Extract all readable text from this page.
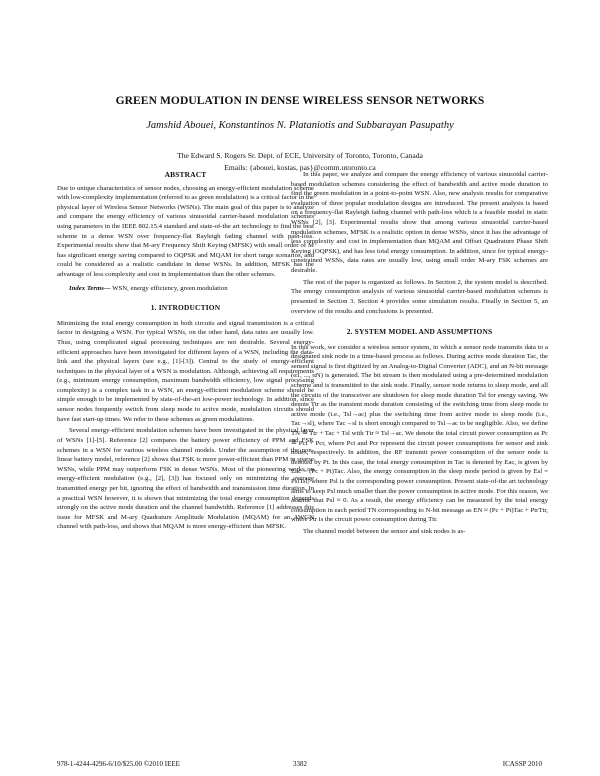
GREEN MODULATION IN DENSE WIRELESS SENSOR NETWORKS
Jamshid Abouei, Konstantinos N. Plataniotis and Subbarayan Pasupathy
The Edward S. Rogers Sr. Dept. of ECE, University of Toronto, Toronto, Canada
Emails: {abouei, kostas, pas}@comm.utoronto.ca
ABSTRACT

Due to unique characteristics of sensor nodes, choosing an energy-efficient modulation scheme with low-complexity implementation (referred to as green modulation) is a critical factor in the physical layer of Wireless Sensor Networks (WSNs). The main goal of this paper is to analyze and compare the energy efficiency of various sinusoidal carrier-based modulation schemes using parameters in the IEEE 802.15.4 standard and state-of-the art technology to find the best scheme in a dense WSN over frequency-flat Rayleigh fading channel with path-loss. Experimental results show that M-ary Frequency Shift Keying (MFSK) with small order of M has significant energy saving compared to OQPSK and MQAM for short range scenarios, and could be considered as a realistic candidate in dense WSNs. In addition, MFSK has the advantage of less complexity and cost in implementation than the other schemes.

Index Terms— WSN, energy efficiency, green modulation

1. INTRODUCTION

Minimizing the total energy consumption in both circuits and signal transmission is a critical factor in designing a WSN. For typical WSNs, on the other hand, data rates are usually low. Thus, using complicated signal processing techniques are not desirable. Several energy-efficient approaches have been investigated for different layers of a WSN, including the data-link and the physical layers (see e.g., [1]-[3]). Central to the study of energy-efficient techniques in the physical layer of a WSN is modulation. Although, achieving all requirements (e.g., minimum energy consumption, maximum bandwidth efficiency, low signal processing complexity) is a complex task in a WSN, an energy-efficient modulation scheme should be simple enough to be implemented by state-of-the-art low-power technology. In addition, since sensor nodes frequently switch from sleep mode to active mode, modulation circuits should have fast start-up times. We refer to these schemes as green modulations.

Several energy-efficient modulation schemes have been investigated in the physical layer of WSNs [1]-[5]. Reference [2] compares the battery power efficiency of PPM and FSK schemes in a WSN for various wireless channel models. Under the assumption of the non-linear battery model, reference [2] shows that FSK is more power-efficient than PPM in sparse WSNs, while PPM may outperform FSK in dense WSNs. Most of the pioneering works on energy-efficient modulation (e.g., [2], [3]) has focused only on minimizing the average transmitted energy per bit, ignoring the effect of bandwidth and transmission time duration. In a practical WSN however, it is shown that minimizing the total energy consumption depends strongly on the active mode duration and the channel bandwidth. Reference [1] addresses this issue for MFSK and M-ary Quadrature Amplitude Modulation (MQAM) for an AWGN channel with path-loss, and shows that MQAM is more energy-efficient than MFSK.

In this paper, we analyze and compare the energy efficiency of various sinusoidal carrier-based modulation schemes considering the effect of bandwidth and active mode duration to find the green modulation in a point-to-point WSN. Also, new analysis results for comparative evaluation of three popular modulation designs are introduced. The present analysis is based on a frequency-flat Rayleigh fading channel with path-loss which is a feasible model in static WSNs [2], [3]. Experimental results show that among various sinusoidal carrier-based modulation schemes, MFSK is a realistic option in dense WSNs, since it has the advantage of less complexity and cost in implementation than MQAM and Offset Quadrature Phase Shift Keying (OQPSK), and has less total energy consumption. In addition, since for typical energy-constrained WSNs, data rates are usually low, using small order M-ary FSK schemes are desirable.

The rest of the paper is organized as follows. In Section 2, the system model is described. The energy consumption analysis of various sinusoidal carrier-based modulation schemes is presented in Section 3. Section 4 provides some simulation results. Finally in Section 5, an overview of the results and conclusions is presented.

2. SYSTEM MODEL AND ASSUMPTIONS

In this work, we consider a wireless sensor system, in which a sensor node transmits data to a designated sink node in a time-based process as follows. During active mode duration Tac, the sensed signal is first digitized by an Analog-to-Digital Converter (ADC), and an N-bit message (α1, ..., αN) is generated. The bit stream is then modulated using a pre-determined modulation scheme and is transmitted to the sink node. Finally, sensor node returns to sleep mode, and all the circuits of the transceiver are shutdown for sleep mode duration Tsl for energy saving. We denote Ttr as the transient mode duration consisting of the switching time from sleep mode to active mode (i.e., Tsl→ac) plus the switching time from active mode to sleep mode (i.e., Tac→sl), where Tac→sl is short enough compared to Tsl→ac to be negligible. Also, we define TN ≜ Ttr + Tac + Tsl with Ttr ≈ Tsl→ac. We denote the total circuit power consumption as Pc ≜ Pct + Pcr, where Pct and Pcr represent the circuit power consumptions for sensor and sink nodes, respectively. In addition, the RF transmit power consumption of the sensor node is denoted by Pt. In this case, the total energy consumption in Tac is denoted by Eac, is given by Eac = (Pc + Pt)Tac. Also, the energy consumption in the sleep mode period is given by Esl = PslTsl, where Psl is the corresponding power consumption. Present state-of-the art technology aims to keep Psl much smaller than the power consumption in active mode. For this reason, we assume that Psl ≈ 0. As a result, the energy efficiency can be measured by the total energy consumption in each period TN corresponding to N-bit message as EN ≈ (Pc + Pt)Tac + PtrTtr, where Ptr is the circuit power consumption during Ttr.

The channel model between the sensor and sink nodes is as-

978-1-4244-4296-6/10/$25.00 ©2010 IEEE	3382	ICASSP 2010
